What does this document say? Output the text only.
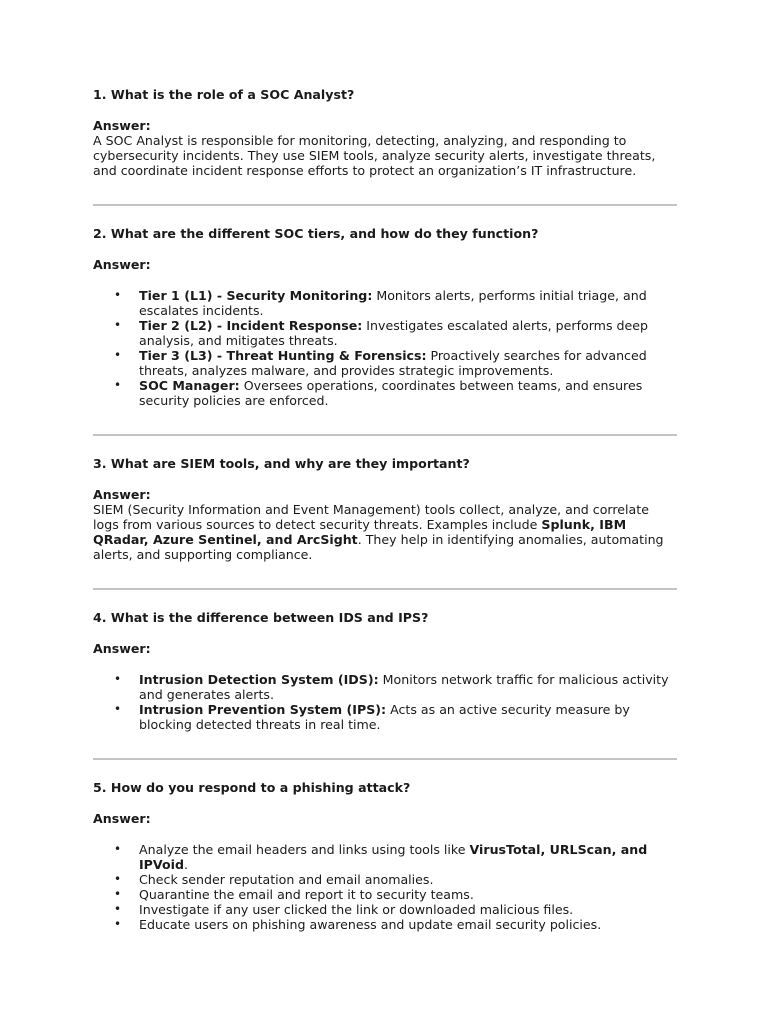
1. What is the role of a SOC Analyst?

Answer:

A SOC Analyst is responsible for monitoring, detecting, analyzing, and responding to cybersecurity incidents. They use SIEM tools, analyze security alerts, investigate threats, and coordinate incident response efforts to protect an organization’s IT infrastructure.

2. What are the different SOC tiers, and how do they function?

Answer:

• Tier 1 (L1) - Security Monitoring: Monitors alerts, performs initial triage, and escalates incidents.
• Tier 2 (L2) - Incident Response: Investigates escalated alerts, performs deep analysis, and mitigates threats.
• Tier 3 (L3) - Threat Hunting & Forensics: Proactively searches for advanced threats, analyzes malware, and provides strategic improvements.
• SOC Manager: Oversees operations, coordinates between teams, and ensures security policies are enforced.

3. What are SIEM tools, and why are they important?

Answer:

SIEM (Security Information and Event Management) tools collect, analyze, and correlate logs from various sources to detect security threats. Examples include Splunk, IBM QRadar, Azure Sentinel, and ArcSight. They help in identifying anomalies, automating alerts, and supporting compliance.

4. What is the difference between IDS and IPS?

Answer:

• Intrusion Detection System (IDS): Monitors network traffic for malicious activity and generates alerts.
• Intrusion Prevention System (IPS): Acts as an active security measure by blocking detected threats in real time.

5. How do you respond to a phishing attack?

Answer:

• Analyze the email headers and links using tools like VirusTotal, URLScan, and IPVoid.
• Check sender reputation and email anomalies.
• Quarantine the email and report it to security teams.
• Investigate if any user clicked the link or downloaded malicious files.
• Educate users on phishing awareness and update email security policies.
